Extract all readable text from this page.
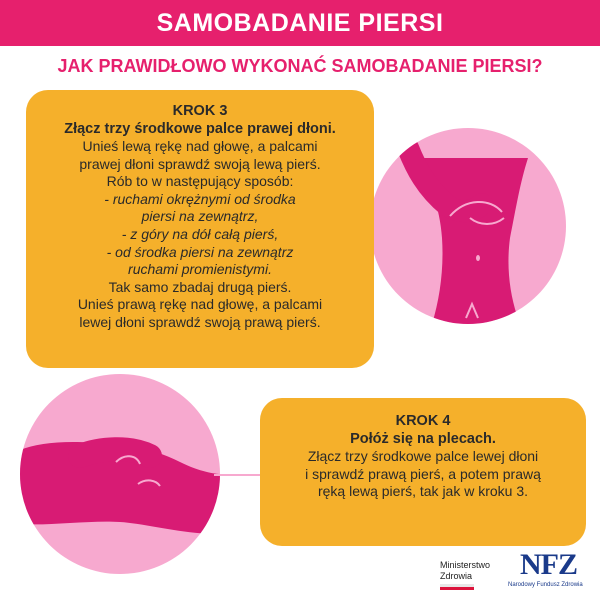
SAMOBADANIE PIERSI
JAK PRAWIDŁOWO WYKONAĆ SAMOBADANIE PIERSI?
KROK 3
Złącz trzy środkowe palce prawej dłoni.
Unieś lewą rękę nad głowę, a palcami
prawej dłoni sprawdź swoją lewą pierś.
Rób to w następujący sposób:
- ruchami okrężnymi od środka
piersi na zewnątrz,
- z góry na dół całą pierś,
- od środka piersi na zewnątrz
ruchami promienistymi.
Tak samo zbadaj drugą pierś.
Unieś prawą rękę nad głowę, a palcami
lewej dłoni sprawdź swoją prawą pierś.
KROK 4
Połóż się na plecach.
Złącz trzy środkowe palce lewej dłoni
i sprawdź prawą pierś, a potem prawą
ręką lewą pierś, tak jak w kroku 3.
Ministerstwo
Zdrowia	NFZ
Narodowy Fundusz Zdrowia
